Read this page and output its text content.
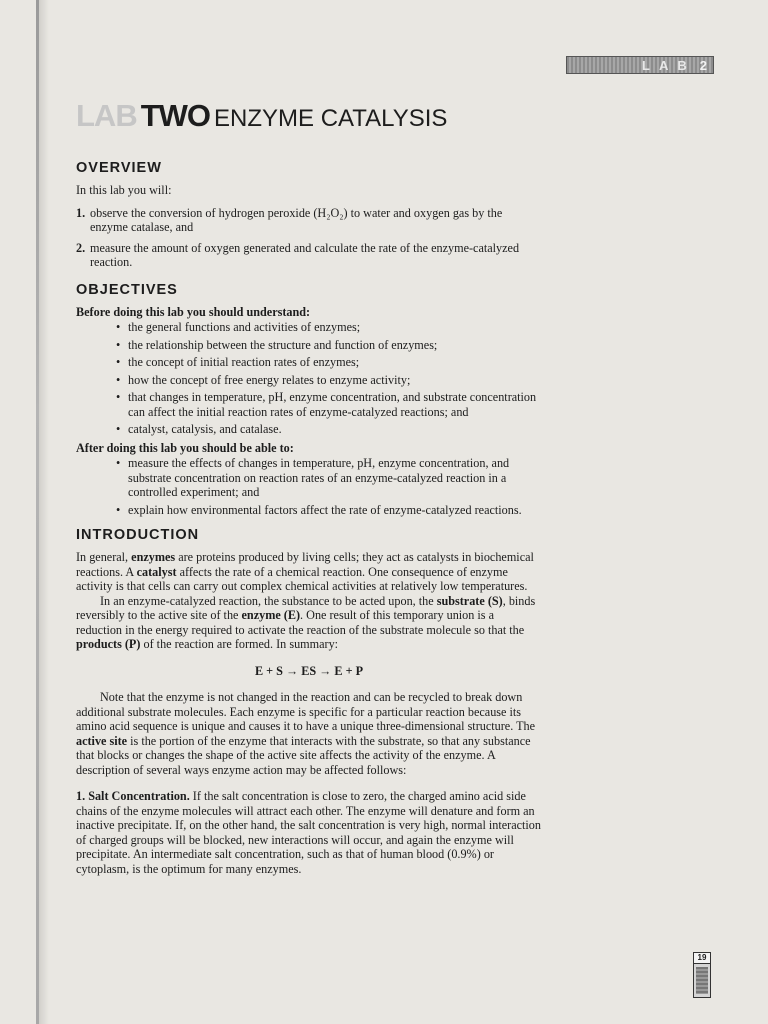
LAB 2
LAB TWO ENZYME CATALYSIS
OVERVIEW

In this lab you will:

1. observe the conversion of hydrogen peroxide (H₂O₂) to water and oxygen gas by the enzyme catalase, and
2. measure the amount of oxygen generated and calculate the rate of the enzyme-catalyzed reaction.
OBJECTIVES

Before doing this lab you should understand:

• the general functions and activities of enzymes;
• the relationship between the structure and function of enzymes;
• the concept of initial reaction rates of enzymes;
• how the concept of free energy relates to enzyme activity;
• that changes in temperature, pH, enzyme concentration, and substrate concentration can affect the initial reaction rates of enzyme-catalyzed reactions; and
• catalyst, catalysis, and catalase.

After doing this lab you should be able to:

• measure the effects of changes in temperature, pH, enzyme concentration, and substrate concentration on reaction rates of an enzyme-catalyzed reaction in a controlled experiment; and
• explain how environmental factors affect the rate of enzyme-catalyzed reactions.
INTRODUCTION

In general, enzymes are proteins produced by living cells; they act as catalysts in biochemical reactions. A catalyst affects the rate of a chemical reaction. One consequence of enzyme activity is that cells can carry out complex chemical activities at relatively low temperatures.

In an enzyme-catalyzed reaction, the substance to be acted upon, the substrate (S), binds reversibly to the active site of the enzyme (E). One result of this temporary union is a reduction in the energy required to activate the reaction of the substrate molecule so that the products (P) of the reaction are formed. In summary:

E + S → ES → E + P

Note that the enzyme is not changed in the reaction and can be recycled to break down additional substrate molecules. Each enzyme is specific for a particular reaction because its amino acid sequence is unique and causes it to have a unique three-dimensional structure. The active site is the portion of the enzyme that interacts with the substrate, so that any substance that blocks or changes the shape of the active site affects the activity of the enzyme. A description of several ways enzyme action may be affected follows:

1. Salt Concentration. If the salt concentration is close to zero, the charged amino acid side chains of the enzyme molecules will attract each other. The enzyme will denature and form an inactive precipitate. If, on the other hand, the salt concentration is very high, normal interaction of charged groups will be blocked, new interactions will occur, and again the enzyme will precipitate. An intermediate salt concentration, such as that of human blood (0.9%) or cytoplasm, is the optimum for many enzymes.

19
